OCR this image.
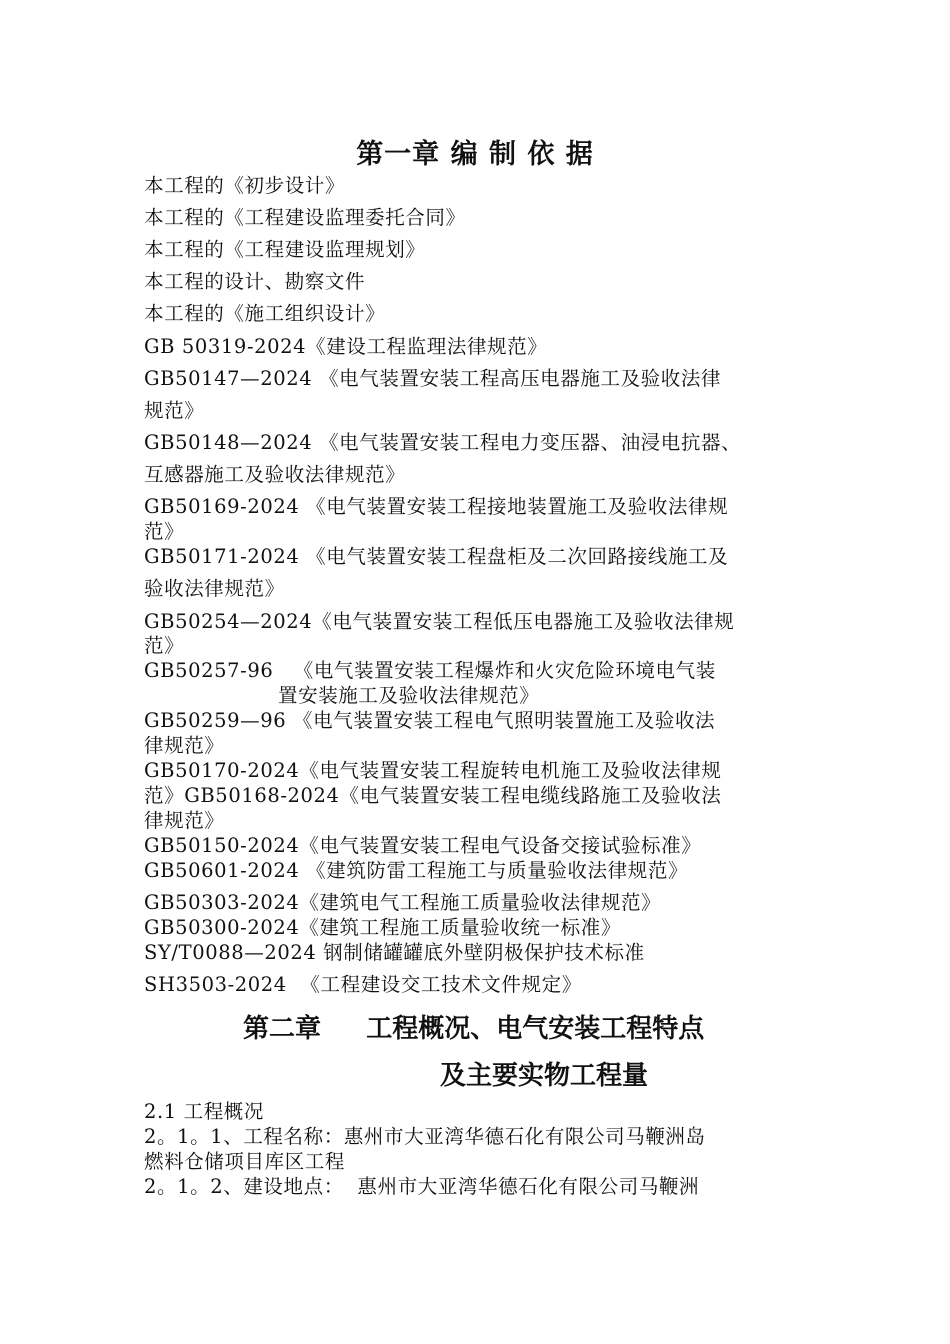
第一章 编 制 依 据
本工程的《初步设计》
本工程的《工程建设监理委托合同》
本工程的《工程建设监理规划》
本工程的设计、勘察文件
本工程的《施工组织设计》
GB 50319-2024《建设工程监理法律规范》
GB50147—2024 《电气装置安装工程高压电器施工及验收法律
规范》
GB50148—2024 《电气装置安装工程电力变压器、油浸电抗器、
互感器施工及验收法律规范》
GB50169-2024 《电气装置安装工程接地装置施工及验收法律规
范》
GB50171-2024 《电气装置安装工程盘柜及二次回路接线施工及
验收法律规范》
GB50254—2024《电气装置安装工程低压电器施工及验收法律规
范》
GB50257-96   《电气装置安装工程爆炸和火灾危险环境电气装
置安装施工及验收法律规范》
GB50259—96 《电气装置安装工程电气照明装置施工及验收法
律规范》
GB50170-2024《电气装置安装工程旋转电机施工及验收法律规
范》GB50168-2024《电气装置安装工程电缆线路施工及验收法
律规范》
GB50150-2024《电气装置安装工程电气设备交接试验标准》
GB50601-2024 《建筑防雷工程施工与质量验收法律规范》
GB50303-2024《建筑电气工程施工质量验收法律规范》
GB50300-2024《建筑工程施工质量验收统一标准》
SY/T0088—2024 钢制储罐罐底外壁阴极保护技术标准
SH3503-2024  《工程建设交工技术文件规定》
第二章     工程概况、电气安装工程特点
及主要实物工程量
2.1 工程概况
2。1。1、工程名称：惠州市大亚湾华德石化有限公司马鞭洲岛
燃料仓储项目库区工程
2。1。2、建设地点：  惠州市大亚湾华德石化有限公司马鞭洲
